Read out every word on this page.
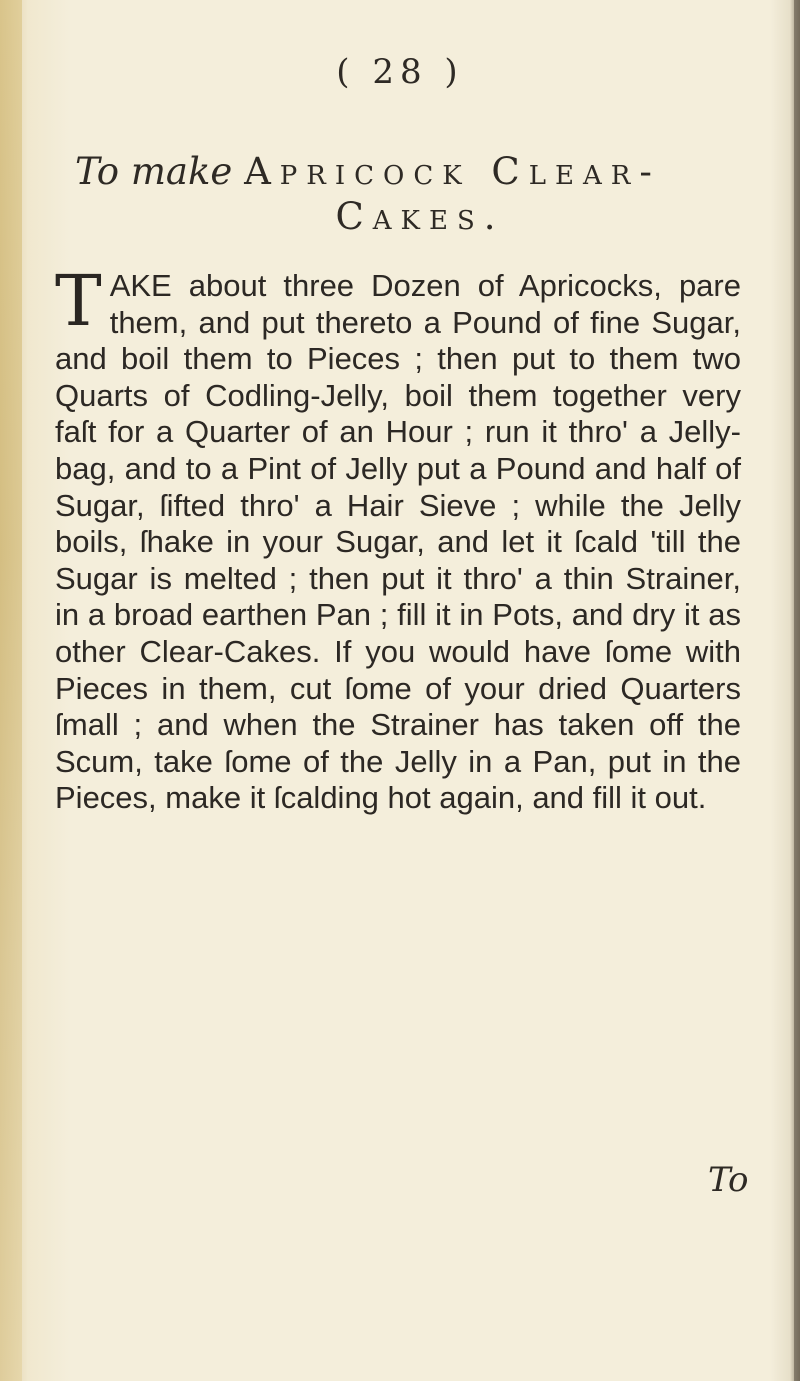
( 28 )
To make Apricock Clear-
Cakes.
T AKE about three Dozen of Apricocks, pare them, and put thereto a Pound of fine Sugar, and boil them to Pieces ; then put to them two Quarts of Codling-Jelly, boil them together very faſt for a Quarter of an Hour ; run it thro' a Jelly-bag, and to a Pint of Jelly put a Pound and half of Sugar, ſifted thro' a Hair Sieve ; while the Jelly boils, ſhake in your Sugar, and let it ſcald 'till the Sugar is melted ; then put it thro' a thin Strainer, in a broad earthen Pan ; fill it in Pots, and dry it as other Clear-Cakes. If you would have ſome with Pieces in them, cut ſome of your dried Quarters ſmall ; and when the Strainer has taken off the Scum, take ſome of the Jelly in a Pan, put in the Pieces, make it ſcalding hot again, and fill it out.
To
